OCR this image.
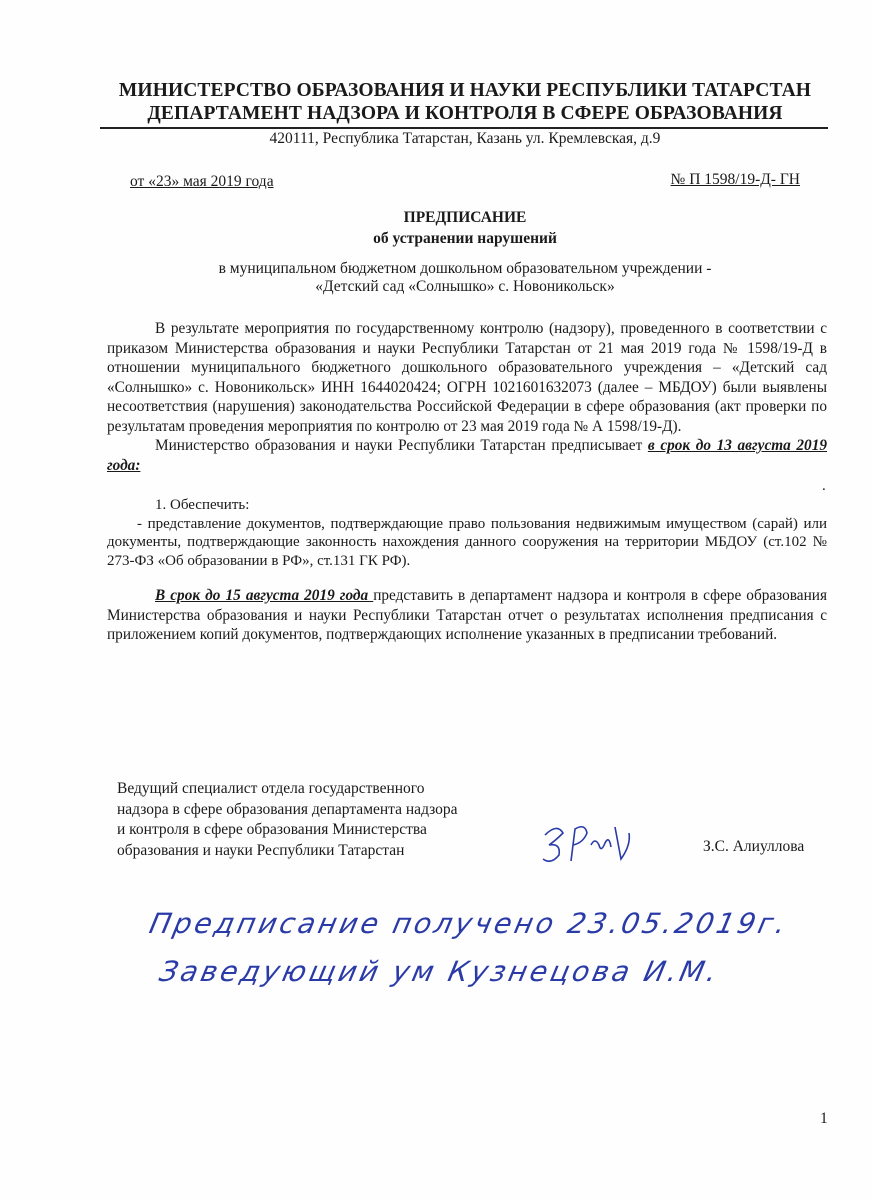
МИНИСТЕРСТВО ОБРАЗОВАНИЯ И НАУКИ РЕСПУБЛИКИ ТАТАРСТАН
ДЕПАРТАМЕНТ НАДЗОРА И КОНТРОЛЯ В СФЕРЕ ОБРАЗОВАНИЯ
420111, Республика Татарстан, Казань ул. Кремлевская, д.9
от «23» мая 2019 года	№ П 1598/19-Д- ГН
ПРЕДПИСАНИЕ
об устранении нарушений
в муниципальном бюджетном дошкольном образовательном учреждении -
«Детский сад «Солнышко» с. Новоникольск»

В результате мероприятия по государственному контролю (надзору), проведенного в соответствии с приказом Министерства образования и науки Республики Татарстан от 21 мая 2019 года № 1598/19-Д в отношении муниципального бюджетного дошкольного образовательного учреждения – «Детский сад «Солнышко» с. Новоникольск» ИНН 1644020424; ОГРН 1021601632073 (далее – МБДОУ) были выявлены несоответствия (нарушения) законодательства Российской Федерации в сфере образования (акт проверки по результатам проведения мероприятия по контролю от 23 мая 2019 года № А 1598/19-Д).

Министерство образования и науки Республики Татарстан предписывает в срок до 13 августа 2019 года:

.

1. Обеспечить:

- представление документов, подтверждающие право пользования недвижимым имуществом (сарай) или документы, подтверждающие законность нахождения данного сооружения на территории МБДОУ (ст.102 № 273-ФЗ «Об образовании в РФ», ст.131 ГК РФ).

В срок до 15 августа 2019 года представить в департамент надзора и контроля в сфере образования Министерства образования и науки Республики Татарстан отчет о результатах исполнения предписания с приложением копий документов, подтверждающих исполнение указанных в предписании требований.

Ведущий специалист отдела государственного
надзора в сфере образования департамента надзора
и контроля в сфере образования Министерства
образования и науки Республики Татарстан	З.С. Алиуллова
Предписание получено 23.05.2019г.
Заведующий ум Кузнецова И.М.
1
